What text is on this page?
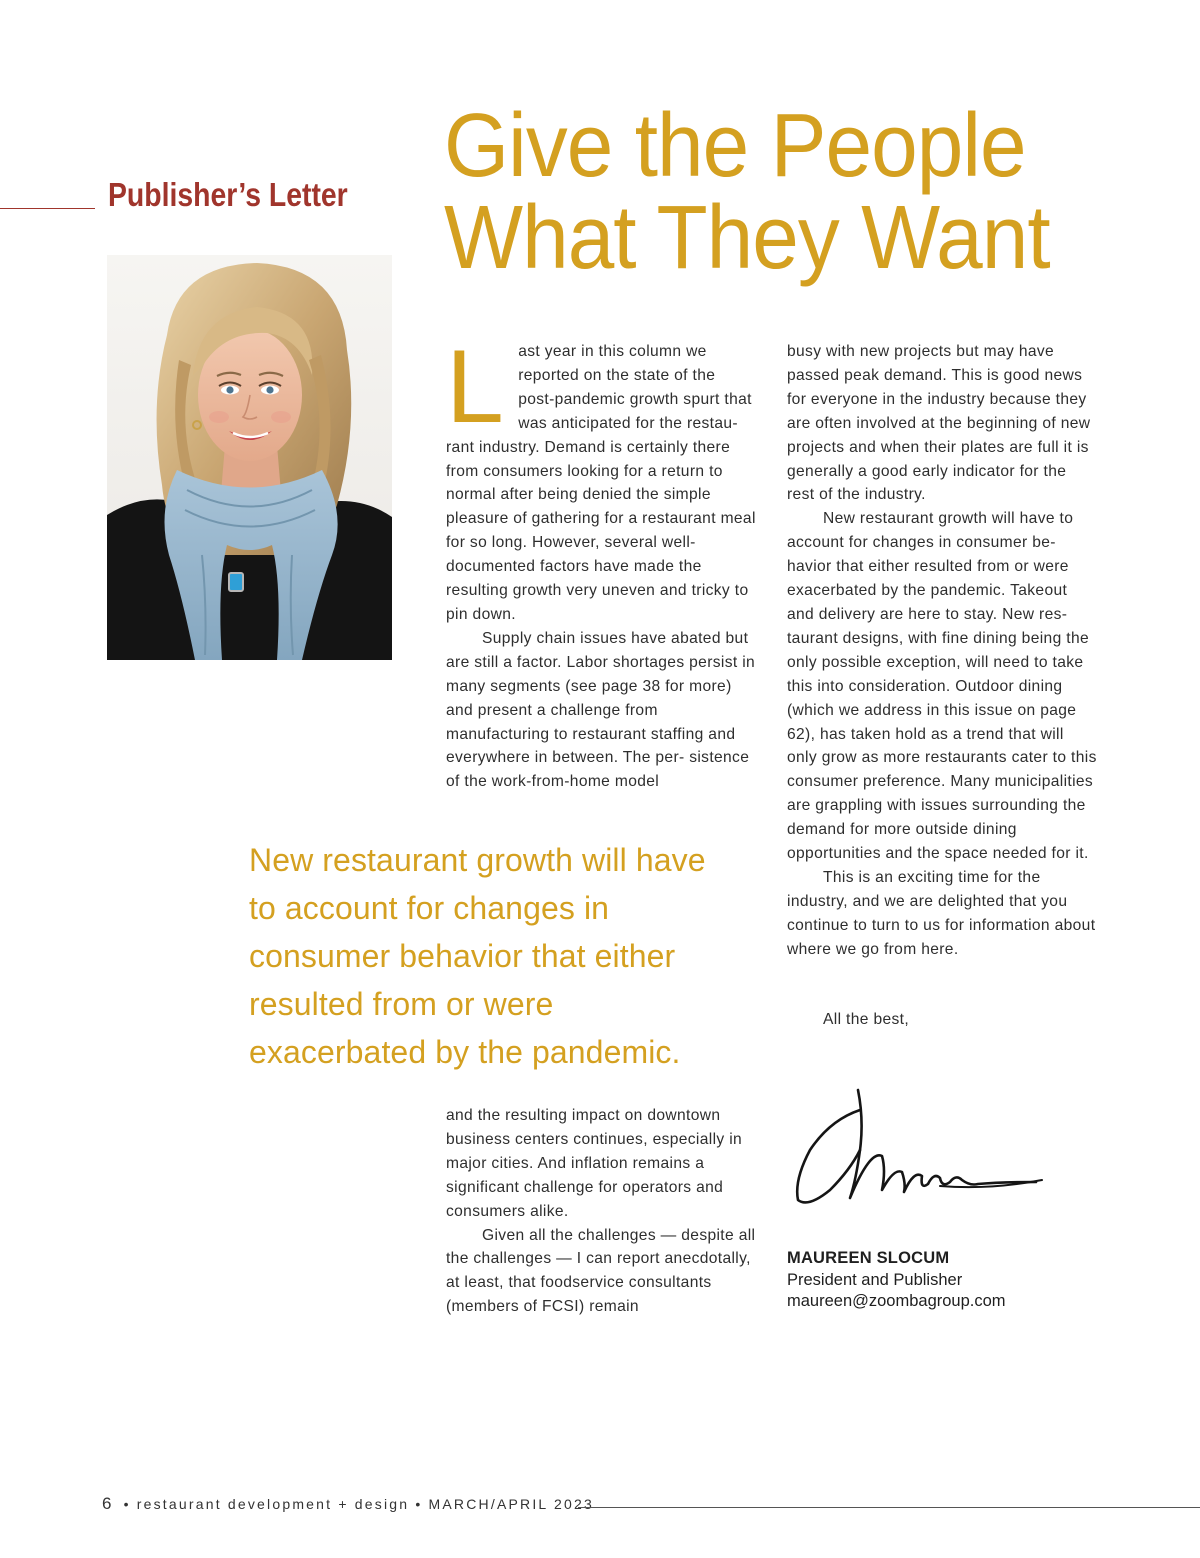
Publisher’s Letter Give the People
What They Want
L ast year in this column we reported on the state of the post-pandemic growth spurt that was anticipated for the restau- rant industry. Demand is certainly there from consumers looking for a return to normal after being denied the simple pleasure of gathering for a restaurant meal for so long. However, several well-documented factors have made the resulting growth very uneven and tricky to pin down.

Supply chain issues have abated but are still a factor. Labor shortages persist in many segments (see page 38 for more) and present a challenge from manufacturing to restaurant staffing and everywhere in between. The per- sistence of the work-from-home model

New restaurant growth will have to account for changes in consumer behavior that either resulted from or were exacerbated by the pandemic.

and the resulting impact on downtown business centers continues, especially in major cities. And inflation remains a significant challenge for operators and consumers alike.

Given all the challenges — despite all the challenges — I can report anecdotally, at least, that foodservice consultants (members of FCSI) remain

busy with new projects but may have passed peak demand. This is good news for everyone in the industry because they are often involved at the beginning of new projects and when their plates are full it is generally a good early indicator for the rest of the industry.

New restaurant growth will have to account for changes in consumer be- havior that either resulted from or were exacerbated by the pandemic. Takeout and delivery are here to stay. New res- taurant designs, with fine dining being the only possible exception, will need to take this into consideration. Outdoor dining (which we address in this issue on page 62), has taken hold as a trend that will only grow as more restaurants cater to this consumer preference. Many municipalities are grappling with issues surrounding the demand for more outside dining opportunities and the space needed for it.

This is an exciting time for the industry, and we are delighted that you continue to turn to us for information about where we go from here.

All the best,
MAUREEN SLOCUM
President and Publisher
maureen@zoombagroup.com
6 • restaurant development + design • MARCH/APRIL 2023
